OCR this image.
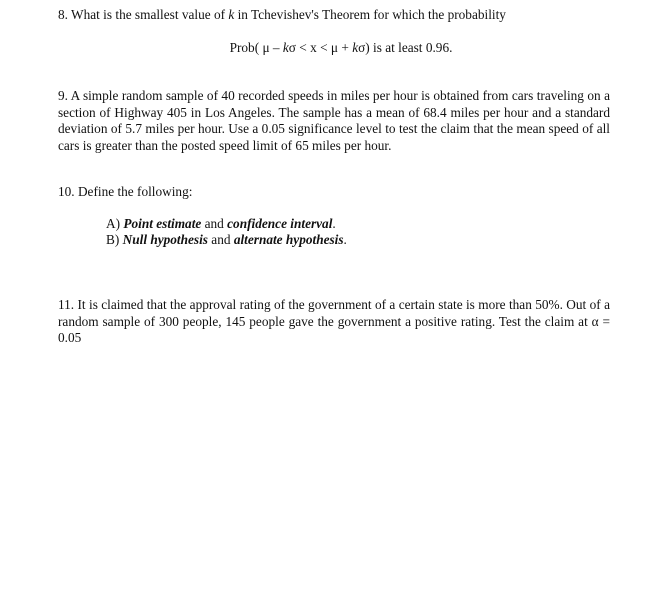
8. What is the smallest value of k in Tchevishev's Theorem for which the probability
Prob( μ – kσ < x < μ + kσ) is at least 0.96.
9. A simple random sample of 40 recorded speeds in miles per hour is obtained from cars traveling on a section of Highway 405 in Los Angeles. The sample has a mean of 68.4 miles per hour and a standard deviation of 5.7 miles per hour. Use a 0.05 significance level to test the claim that the mean speed of all cars is greater than the posted speed limit of 65 miles per hour.
10. Define the following:
A) Point estimate and confidence interval.
B) Null hypothesis and alternate hypothesis.
11. It is claimed that the approval rating of the government of a certain state is more than 50%. Out of a random sample of 300 people, 145 people gave the government a positive rating. Test the claim at α = 0.05
